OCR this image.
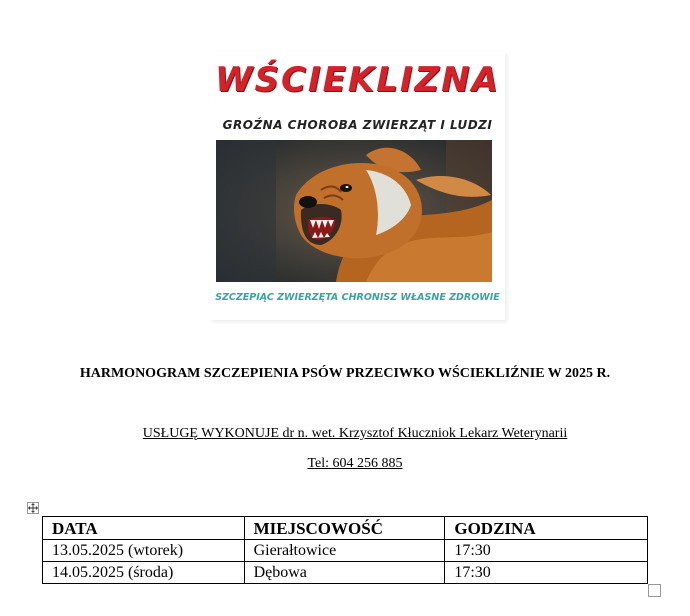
WŚCIEKLIZNA
GROŹNA CHOROBA ZWIERZĄT I LUDZI
SZCZEPIĄC ZWIERZĘTA CHRONISZ WŁASNE ZDROWIE
HARMONOGRAM SZCZEPIENIA PSÓW PRZECIWKO WŚCIEKLIŹNIE W 2025 R.
USŁUGĘ WYKONUJE dr n. wet. Krzysztof Kłuczniok Lekarz Weterynarii
Tel: 604 256 885
DATA	MIEJSCOWOŚĆ	GODZINA
13.05.2025 (wtorek)	Gierałtowice	17:30
14.05.2025 (środa)	Dębowa	17:30
